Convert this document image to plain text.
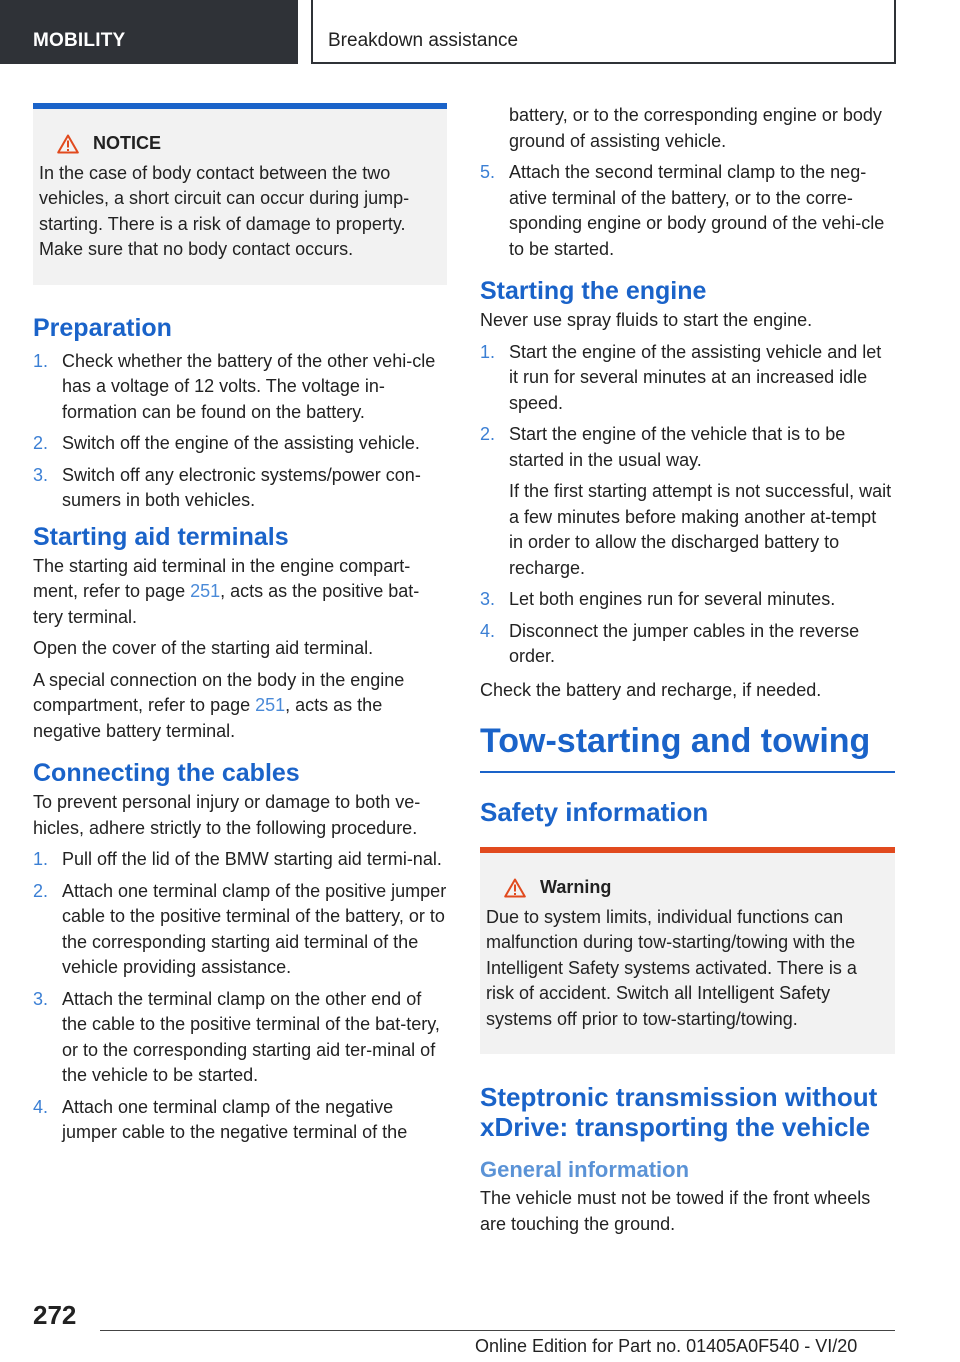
MOBILITY	Breakdown assistance
NOTICE

In the case of body contact between the two vehicles, a short circuit can occur during jump-starting. There is a risk of damage to property. Make sure that no body contact occurs.

Preparation
1. Check whether the battery of the other vehi‐cle has a voltage of 12 volts. The voltage in‐formation can be found on the battery.
2. Switch off the engine of the assisting vehicle.
3. Switch off any electronic systems/power con‐sumers in both vehicles.
Starting aid terminals

The starting aid terminal in the engine compart‐ment, refer to page 251, acts as the positive bat‐tery terminal.

Open the cover of the starting aid terminal.

A special connection on the body in the engine compartment, refer to page 251, acts as the negative battery terminal.

Connecting the cables

To prevent personal injury or damage to both ve‐hicles, adhere strictly to the following procedure.

1. Pull off the lid of the BMW starting aid termi‐nal.
2. Attach one terminal clamp of the positive jumper cable to the positive terminal of the battery, or to the corresponding starting aid terminal of the vehicle providing assistance.
3. Attach the terminal clamp on the other end of the cable to the positive terminal of the bat‐tery, or to the corresponding starting aid ter‐minal of the vehicle to be started.
4. Attach one terminal clamp of the negative jumper cable to the negative terminal of the

battery, or to the corresponding engine or body ground of assisting vehicle.

5. Attach the second terminal clamp to the neg‐ative terminal of the battery, or to the corre‐sponding engine or body ground of the vehi‐cle to be started.
Starting the engine

Never use spray fluids to start the engine.

1. Start the engine of the assisting vehicle and let it run for several minutes at an increased idle speed.
2. Start the engine of the vehicle that is to be started in the usual way.
If the first starting attempt is not successful, wait a few minutes before making another at‐tempt in order to allow the discharged battery to recharge.
3. Let both engines run for several minutes.
4. Disconnect the jumper cables in the reverse order.

Check the battery and recharge, if needed.

Tow-starting and towing
Safety information
Warning

Due to system limits, individual functions can malfunction during tow-starting/towing with the Intelligent Safety systems activated. There is a risk of accident. Switch all Intelligent Safety systems off prior to tow-starting/towing.

Steptronic transmission without xDrive: transporting the vehicle
General information

The vehicle must not be towed if the front wheels are touching the ground.

272
Online Edition for Part no. 01405A0F540 - VI/20
